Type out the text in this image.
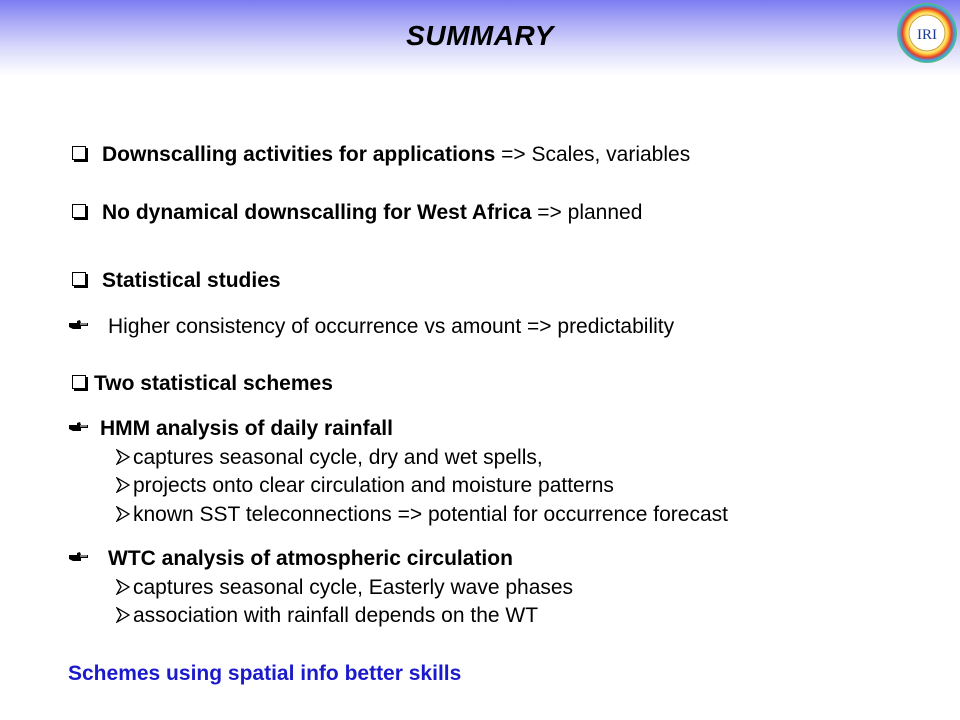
SUMMARY	IRI
Downscalling activities for applications => Scales, variables
No dynamical downscalling for West Africa => planned
Statistical studies
Higher consistency of occurrence vs amount => predictability
Two statistical schemes
HMM analysis of daily rainfall
captures seasonal cycle, dry and wet spells,
projects onto clear circulation and moisture patterns
known SST teleconnections => potential for occurrence forecast
WTC analysis of atmospheric circulation
captures seasonal cycle, Easterly wave phases
association with rainfall depends on the WT
Schemes using spatial info better skills
